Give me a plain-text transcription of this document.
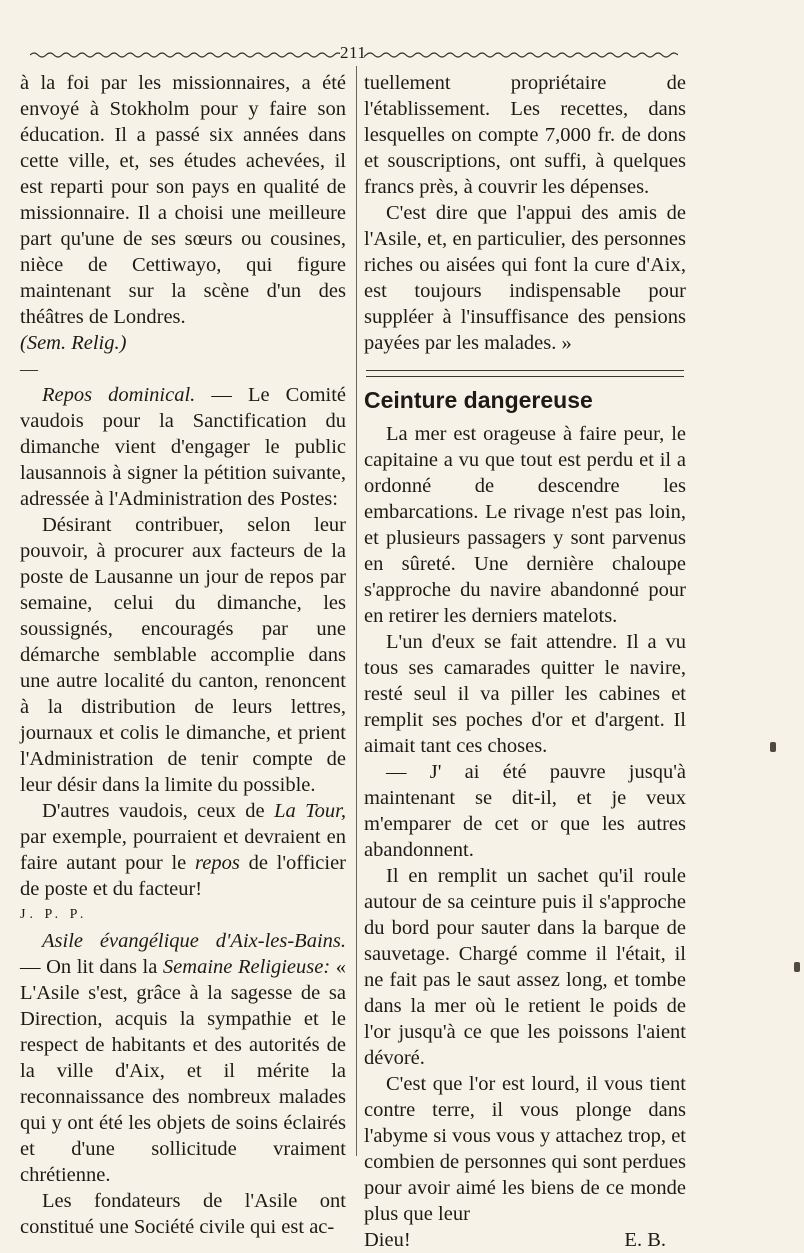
211

à la foi par les missionnaires, a été envoyé à Stokholm pour y faire son éducation. Il a passé six années dans cette ville, et, ses études achevées, il est reparti pour son pays en qualité de missionnaire. Il a choisi une meilleure part qu'une de ses sœurs ou cousines, nièce de Cettiwayo, qui figure maintenant sur la scène d'un des théâtres de Londres.

(Sem. Relig.)

—

Repos dominical. — Le Comité vaudois pour la Sanctification du dimanche vient d'engager le public lausannois à signer la pétition suivante, adressée à l'Administration des Postes:

Désirant contribuer, selon leur pouvoir, à procurer aux facteurs de la poste de Lausanne un jour de repos par semaine, celui du dimanche, les soussignés, encouragés par une démarche semblable accomplie dans une autre localité du canton, renoncent à la distribution de leurs lettres, journaux et colis le dimanche, et prient l'Administration de tenir compte de leur désir dans la limite du possible.

D'autres vaudois, ceux de La Tour, par exemple, pourraient et devraient en faire autant pour le repos de l'officier de poste et du facteur!

J. P. P.

Asile évangélique d'Aix-les-Bains. — On lit dans la Semaine Religieuse: « L'Asile s'est, grâce à la sagesse de sa Direction, acquis la sympathie et le respect de habitants et des autorités de la ville d'Aix, et il mérite la reconnaissance des nombreux malades qui y ont été les objets de soins éclairés et d'une sollicitude vraiment chrétienne.

Les fondateurs de l'Asile ont constitué une Société civile qui est ac-

tuellement propriétaire de l'établissement. Les recettes, dans lesquelles on compte 7,000 fr. de dons et souscriptions, ont suffi, à quelques francs près, à couvrir les dépenses.

C'est dire que l'appui des amis de l'Asile, et, en particulier, des personnes riches ou aisées qui font la cure d'Aix, est toujours indispensable pour suppléer à l'insuffisance des pensions payées par les malades. »

Ceinture dangereuse

La mer est orageuse à faire peur, le capitaine a vu que tout est perdu et il a ordonné de descendre les embarcations. Le rivage n'est pas loin, et plusieurs passagers y sont parvenus en sûreté. Une dernière chaloupe s'approche du navire abandonné pour en retirer les derniers matelots.

L'un d'eux se fait attendre. Il a vu tous ses camarades quitter le navire, resté seul il va piller les cabines et remplit ses poches d'or et d'argent. Il aimait tant ces choses.

— J' ai été pauvre jusqu'à maintenant se dit-il, et je veux m'emparer de cet or que les autres abandonnent.

Il en remplit un sachet qu'il roule autour de sa ceinture puis il s'approche du bord pour sauter dans la barque de sauvetage. Chargé comme il l'était, il ne fait pas le saut assez long, et tombe dans la mer où le retient le poids de l'or jusqu'à ce que les poissons l'aient dévoré.

C'est que l'or est lourd, il vous tient contre terre, il vous plonge dans l'abyme si vous vous y attachez trop, et combien de personnes qui sont perdues pour avoir aimé les biens de ce monde plus que leur

Dieu!	E. B.
